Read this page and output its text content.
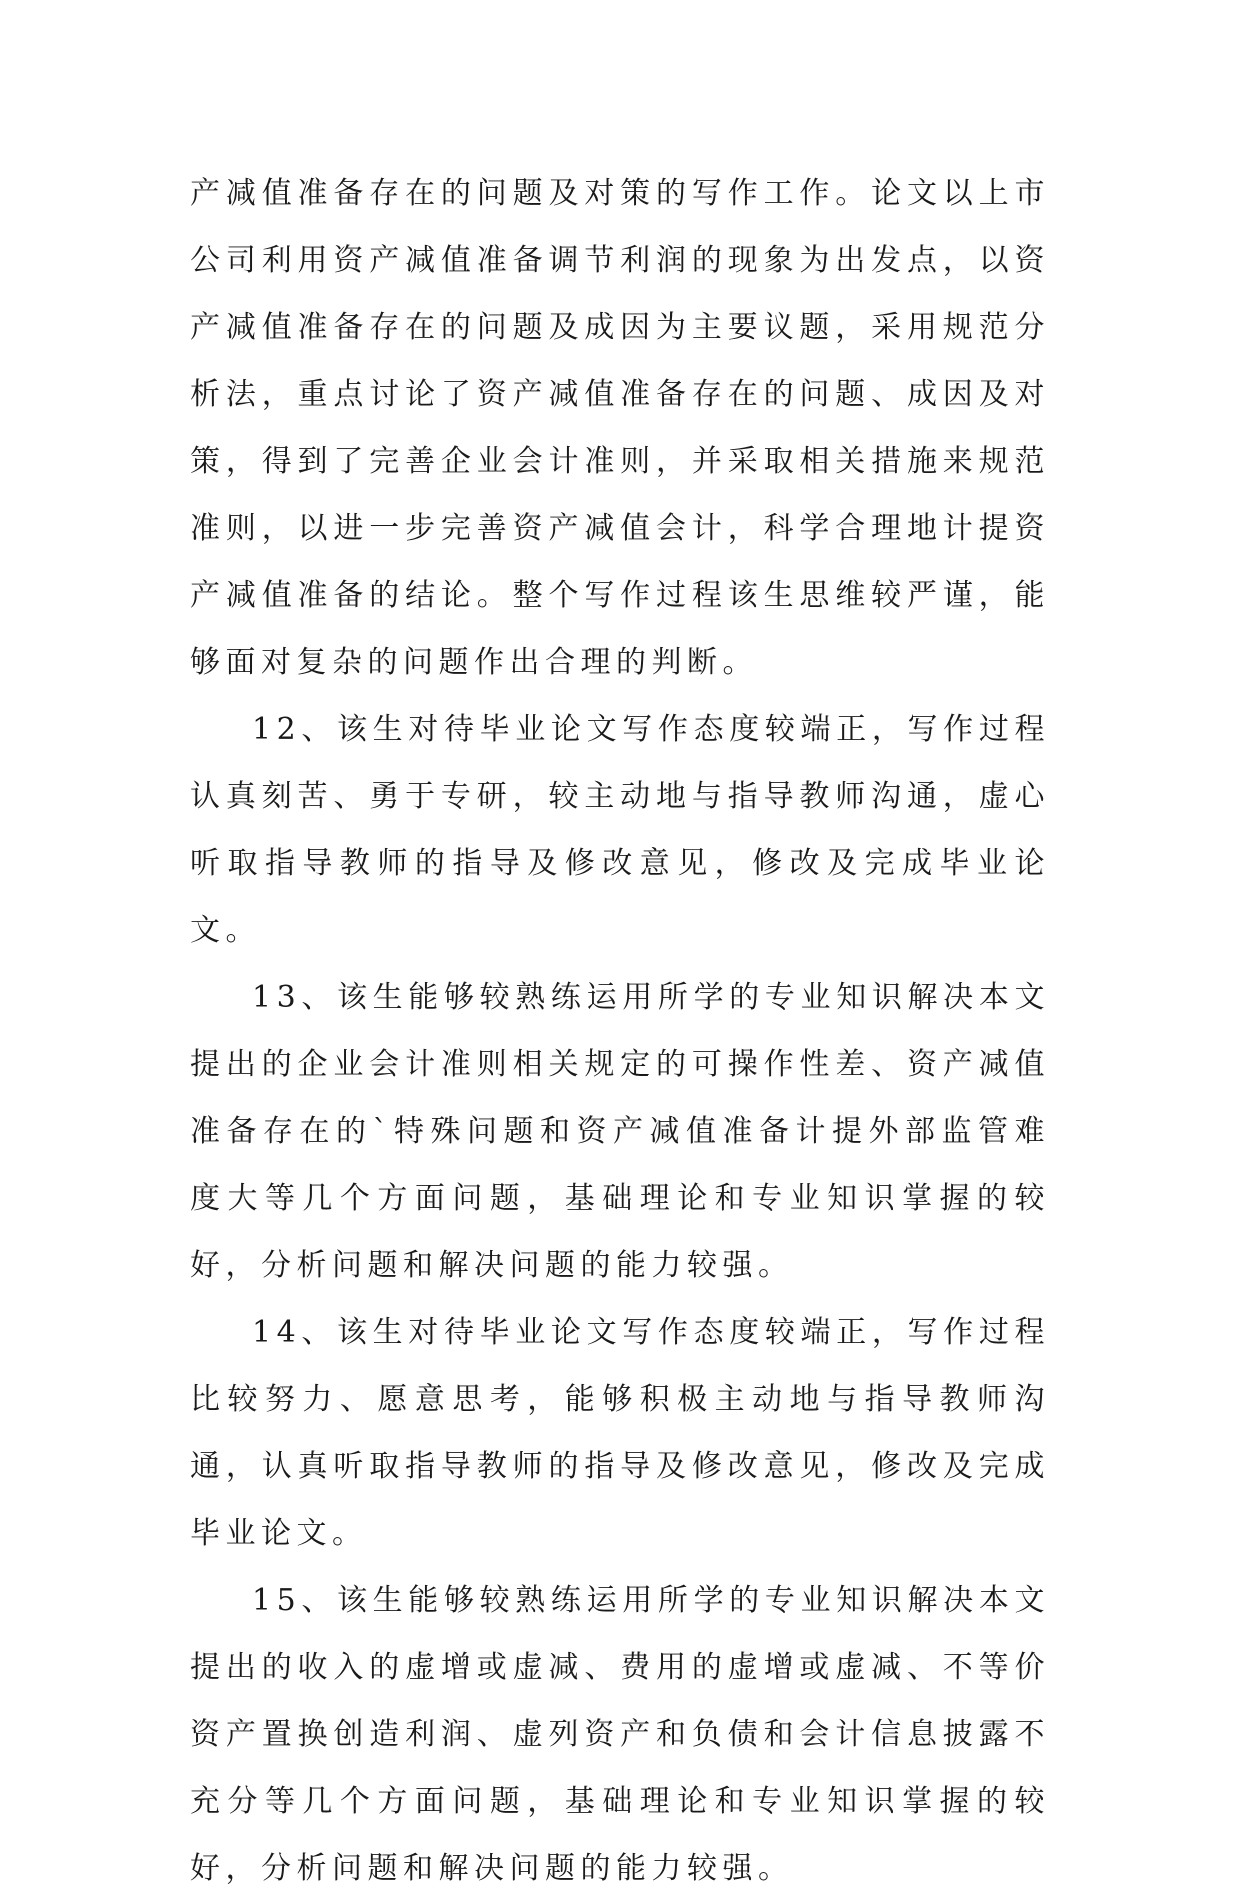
产减值准备存在的问题及对策的写作工作。论文以上市公司利用资产减值准备调节利润的现象为出发点，以资产减值准备存在的问题及成因为主要议题，采用规范分析法，重点讨论了资产减值准备存在的问题、成因及对策，得到了完善企业会计准则，并采取相关措施来规范准则，以进一步完善资产减值会计，科学合理地计提资产减值准备的结论。整个写作过程该生思维较严谨，能够面对复杂的问题作出合理的判断。

12、该生对待毕业论文写作态度较端正，写作过程认真刻苦、勇于专研，较主动地与指导教师沟通，虚心听取指导教师的指导及修改意见，修改及完成毕业论文。

13、该生能够较熟练运用所学的专业知识解决本文提出的企业会计准则相关规定的可操作性差、资产减值准备存在的`特殊问题和资产减值准备计提外部监管难度大等几个方面问题，基础理论和专业知识掌握的较好，分析问题和解决问题的能力较强。

14、该生对待毕业论文写作态度较端正，写作过程比较努力、愿意思考，能够积极主动地与指导教师沟通，认真听取指导教师的指导及修改意见，修改及完成毕业论文。

15、该生能够较熟练运用所学的专业知识解决本文提出的收入的虚增或虚减、费用的虚增或虚减、不等价资产置换创造利润、虚列资产和负债和会计信息披露不充分等几个方面问题，基础理论和专业知识掌握的较好，分析问题和解决问题的能力较强。
